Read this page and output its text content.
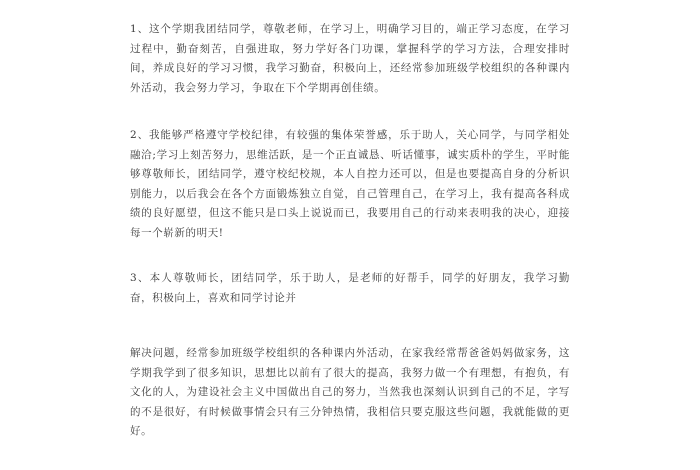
1、这个学期我团结同学，尊敬老师，在学习上，明确学习目的，端正学习态度，在学习过程中，勤奋刻苦，自强进取，努力学好各门功课，掌握科学的学习方法，合理安排时间，养成良好的学习习惯，我学习勤奋，积极向上，还经常参加班级学校组织的各种课内外活动，我会努力学习，争取在下个学期再创佳绩。

2、我能够严格遵守学校纪律，有较强的集体荣誉感，乐于助人，关心同学，与同学相处融洽;学习上刻苦努力，思维活跃，是一个正直诚恳、听话懂事，诚实质朴的学生，平时能够尊敬师长，团结同学，遵守校纪校规，本人自控力还可以，但是也要提高自身的分析识别能力，以后我会在各个方面锻炼独立自觉，自己管理自己，在学习上，我有提高各科成绩的良好愿望，但这不能只是口头上说说而已，我要用自己的行动来表明我的决心，迎接每一个崭新的明天!

3、本人尊敬师长，团结同学，乐于助人，是老师的好帮手，同学的好朋友，我学习勤奋，积极向上，喜欢和同学讨论并

解决问题，经常参加班级学校组织的各种课内外活动，在家我经常帮爸爸妈妈做家务，这学期我学到了很多知识，思想比以前有了很大的提高，我努力做一个有理想，有抱负，有文化的人，为建设社会主义中国做出自己的努力，当然我也深刻认识到自己的不足，字写的不是很好，有时候做事情会只有三分钟热情，我相信只要克服这些问题，我就能做的更好。
